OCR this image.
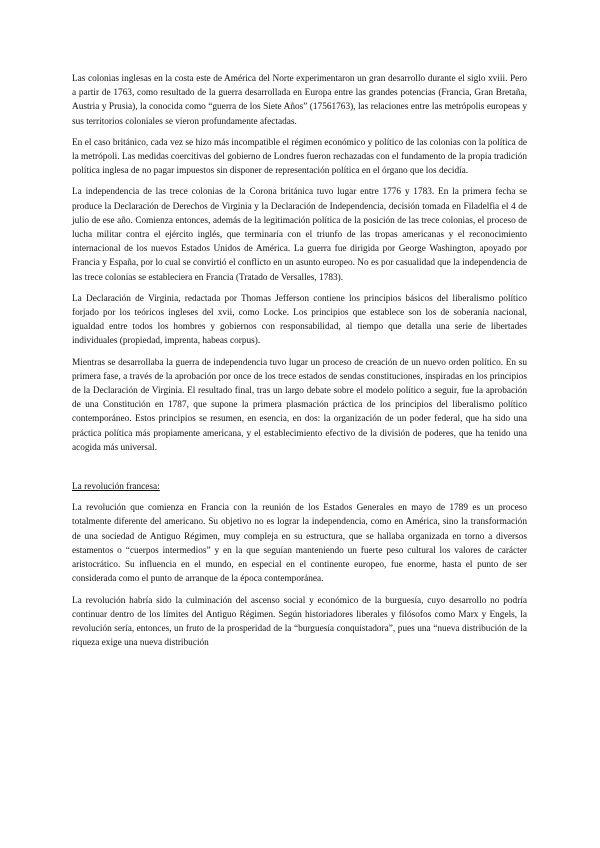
Las colonias inglesas en la costa este de América del Norte experimentaron un gran desarrollo durante el siglo xviii. Pero a partir de 1763, como resultado de la guerra desarrollada en Europa entre las grandes potencias (Francia, Gran Bretaña, Austria y Prusia), la conocida como “guerra de los Siete Años” (17561763), las relaciones entre las metrópolis europeas y sus territorios coloniales se vieron profundamente afectadas.

En el caso británico, cada vez se hizo más incompatible el régimen económico y político de las colonias con la política de la metrópoli. Las medidas coercitivas del gobierno de Londres fueron rechazadas con el fundamento de la propia tradición política inglesa de no pagar impuestos sin disponer de representación política en el órgano que los decidía.

La independencia de las trece colonias de la Corona británica tuvo lugar entre 1776 y 1783. En la primera fecha se produce la Declaración de Derechos de Virginia y la Declaración de Independencia, decisión tomada en Filadelfia el 4 de julio de ese año. Comienza entonces, además de la legitimación política de la posición de las trece colonias, el proceso de lucha militar contra el ejército inglés, que terminaría con el triunfo de las tropas americanas y el reconocimiento internacional de los nuevos Estados Unidos de América. La guerra fue dirigida por George Washington, apoyado por Francia y España, por lo cual se convirtió el conflicto en un asunto europeo. No es por casualidad que la independencia de las trece colonias se estableciera en Francia (Tratado de Versalles, 1783).

La Declaración de Virginia, redactada por Thomas Jefferson contiene los principios básicos del liberalismo político forjado por los teóricos ingleses del xvii, como Locke. Los principios que establece son los de soberanía nacional, igualdad entre todos los hombres y gobiernos con responsabilidad, al tiempo que detalla una serie de libertades individuales (propiedad, imprenta, habeas corpus).

Mientras se desarrollaba la guerra de independencia tuvo lugar un proceso de creación de un nuevo orden político. En su primera fase, a través de la aprobación por once de los trece estados de sendas constituciones, inspiradas en los principios de la Declaración de Virginia. El resultado final, tras un largo debate sobre el modelo político a seguir, fue la aprobación de una Constitución en 1787, que supone la primera plasmación práctica de los principios del liberalismo político contemporáneo. Estos principios se resumen, en esencia, en dos: la organización de un poder federal, que ha sido una práctica política más propiamente americana, y el establecimiento efectivo de la división de poderes, que ha tenido una acogida más universal.

La revolución francesa:

La revolución que comienza en Francia con la reunión de los Estados Generales en mayo de 1789 es un proceso totalmente diferente del americano. Su objetivo no es lograr la independencia, como en América, sino la transformación de una sociedad de Antiguo Régimen, muy compleja en su estructura, que se hallaba organizada en torno a diversos estamentos o “cuerpos intermedios” y en la que seguían manteniendo un fuerte peso cultural los valores de carácter aristocrático. Su influencia en el mundo, en especial en el continente europeo, fue enorme, hasta el punto de ser considerada como el punto de arranque de la época contemporánea.

La revolución habría sido la culminación del ascenso social y económico de la burguesía, cuyo desarrollo no podría continuar dentro de los límites del Antiguo Régimen. Según historiadores liberales y filósofos como Marx y Engels, la revolución sería, entonces, un fruto de la prosperidad de la “burguesía conquistadora”, pues una “nueva distribución de la riqueza exige una nueva distribución
